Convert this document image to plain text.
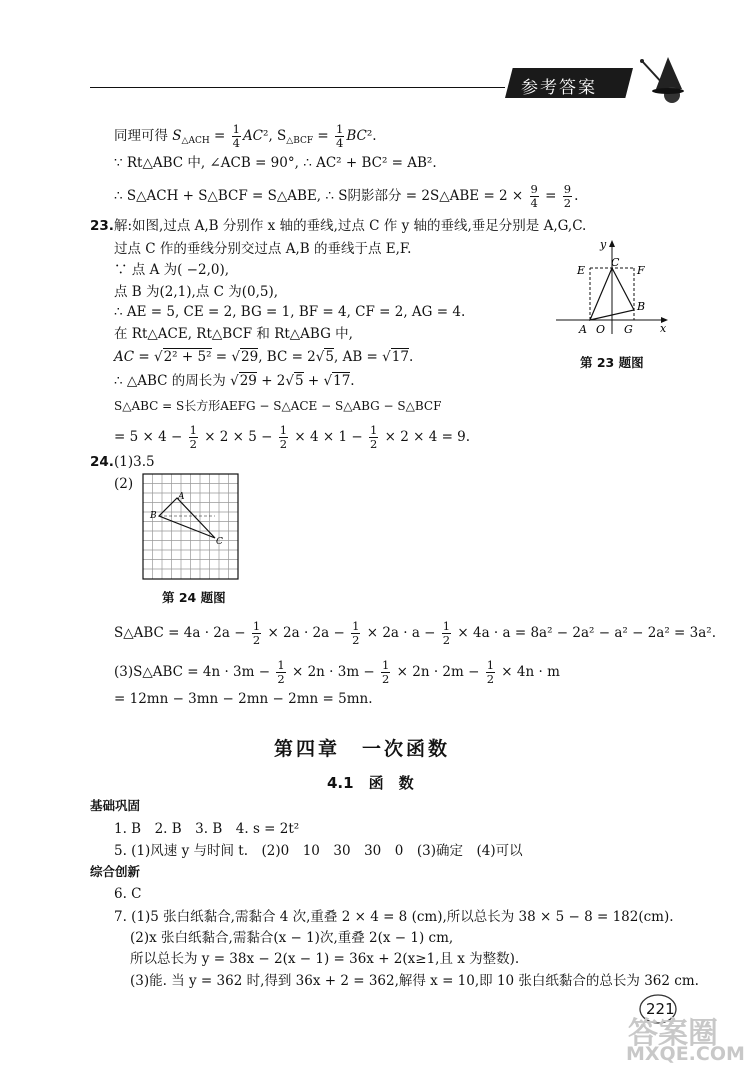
参考答案
同理可得 $S_{\triangle ACH} = \frac{1}{4} AC^2$, $S_{\triangle BCF} = \frac{1}{4} BC^2$.
∵ Rt△ABC 中, ∠ACB = 90°, ∴ AC² + BC² = AB².
∴ S△ACH + S△BCF = S△ABE, ∴ S阴影部分 = 2S△ABE = $2 \times \frac{9}{4} = \frac{9}{2}$ .
23. 解:如图,过点 A,B 分别作 x 轴的垂线,过点 C 作 y 轴的垂线,垂足分别是 A,G,C.
过点 C 作的垂线分别交过点 A,B 的垂线于点 E,F.
∵ 点 A 为( −2,0),
点 B 为(2,1),点 C 为(0,5),
∴ AE = 5, CE = 2, BG = 1, BF = 4, CF = 2, AG = 4.
在 Rt△ACE, Rt△BCF 和 Rt△ABG 中,
AC = √2² + 5² = √29, BC = 2√5, AB = √17.
∴ △ABC 的周长为 √29 + 2√5 + √17.
S△ABC = S长方形AEFG − S△ACE − S△ABG − S△BCF
= $5 \times 4 - \frac{1}{2} \times 2 \times 5 - \frac{1}{2} \times 4 \times 1 - \frac{1}{2} \times 2 \times 4 = 9$.
x
y
E
C
F
B
A O G
第 23 题图
24. (1)3.5
(2)
A
B
C
第 24 题图
S△ABC = $4a \cdot 2a - \frac{1}{2} \times 2a \cdot 2a - \frac{1}{2} \times 2a \cdot a - \frac{1}{2} \times 4a \cdot a = 8a^2 - 2a^2 - a^2 - 2a^2 = 3a^2$.
(3)S△ABC = $4n \cdot 3m - \frac{1}{2} \times 2n \cdot 3m - \frac{1}{2} \times 2n \cdot 2m - \frac{1}{2} \times 4n \cdot m$
= 12mn − 3mn − 2mn − 2mn = 5mn.
第四章　一次函数
4.1　函　数
基础巩固
1. B　2. B　3. B　4. s = 2t²
5. (1)风速 y 与时间 t.　(2)0　10　30　30　0　(3)确定　(4)可以
综合创新
6. C
7. (1)5 张白纸黏合,需黏合 4 次,重叠 2 × 4 = 8 (cm),所以总长为 38 × 5 − 8 = 182(cm).
(2)x 张白纸黏合,需黏合(x − 1)次,重叠 2(x − 1) cm,
所以总长为 y = 38x − 2(x − 1) = 36x + 2(x≥1,且 x 为整数).
(3)能. 当 y = 362 时,得到 36x + 2 = 362,解得 x = 10,即 10 张白纸黏合的总长为 362 cm.
221
答案圈
MXQE.COM
